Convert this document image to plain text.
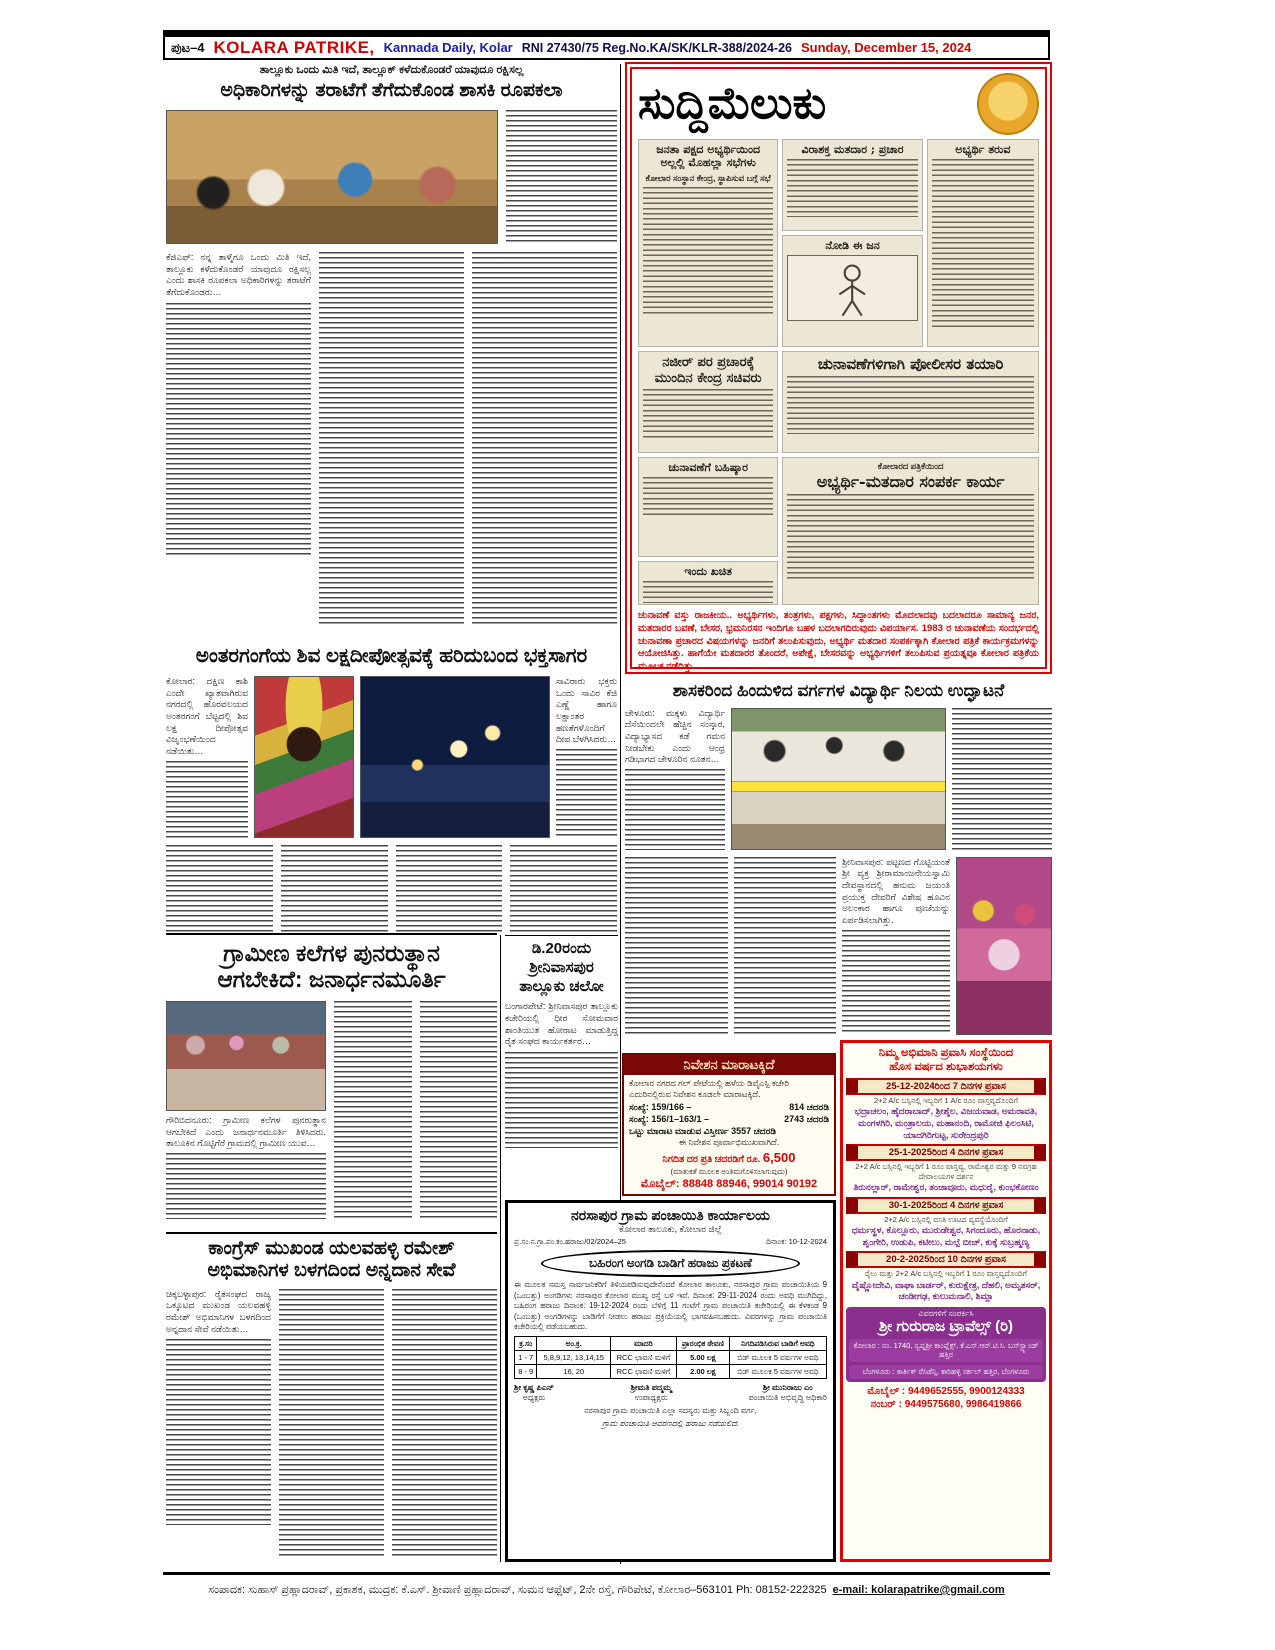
ಪುಟ–4 KOLARA PATRIKE, Kannada Daily, Kolar RNI 27430/75 Reg.No.KA/SK/KLR-388/2024-26 Sunday, December 15, 2024
ತಾಲ್ಲೂಕು ಒಂದು ಮಿತಿ ಇದೆ, ತಾಲ್ಲೂಕ್ ಕಳೆದುಕೊಂಡರೆ ಯಾವುದೂ ರಕ್ಷಿಸಲ್ಲ
ಅಧಿಕಾರಿಗಳನ್ನು ತರಾಟೆಗೆ ತೆಗೆದುಕೊಂಡ ಶಾಸಕಿ ರೂಪಕಲಾ
ಕೆಜಿಎಫ್: ನನ್ನ ತಾಳ್ಮೆಗೂ ಒಂದು ಮಿತಿ ಇದೆ, ತಾಲ್ಲೂಕು ಕಳೆದುಕೊಂಡರೆ ಯಾವುದೂ ರಕ್ಷಿಸಲ್ಲ ಎಂದು ಶಾಸಕಿ ರೂಪಕಲಾ ಅಧಿಕಾರಿಗಳನ್ನು ತರಾಟೆಗೆ ತೆಗೆದುಕೊಂಡರು…
ಸುದ್ದಿಮೆಲುಕು
ಜನತಾ ಪಕ್ಷದ ಅಭ್ಯರ್ಥಿಯಿಂದ ಅಲ್ಲಲ್ಲಿ ಮೊಹಲ್ಲಾ ಸಭೆಗಳು
ಕೋಲಾರ ಸಂಸ್ಥಾನ ಕೇಂದ್ರ, ಸ್ಥಾಪಿಸುವ ಬಗ್ಗೆ ಸಭೆ
ವಿರಾಶಕ್ತ ಮತದಾರ ; ಪ್ರಚಾರ	ಅಭ್ಯರ್ಥಿ ತರುವ
ನೋಡಿ ಈ ಜನ
ನಜೀರ್ ಪರ ಪ್ರಚಾರಕ್ಕೆ ಮುಂದಿನ ಕೇಂದ್ರ ಸಚಿವರು
ಚುನಾವಣೆಗಳಿಗಾಗಿ ಪೋಲೀಸರ ತಯಾರಿ
ಚುನಾವಣೆಗೆ ಬಹಿಷ್ಕಾರ
ಇಂದು ಖಚಿತ
ಕೋಲಾರದ ಪತ್ರಿಕೆಯಿಂದ
ಅಭ್ಯರ್ಥಿ-ಮತದಾರ ಸಂಪರ್ಕ ಕಾರ್ಯ
ಚುನಾವಣೆ ವಸ್ತು ರಾಜಕೀಯ.. ಅಭ್ಯರ್ಥಿಗಳು, ತಂತ್ರಗಳು, ಪಕ್ಷಗಳು, ಸಿದ್ಧಾಂತಗಳು ಮೊದಲಾದವು ಬದಲಾದರೂ ಸಾಮಾನ್ಯ ಜನರ, ಮತದಾರರ ಬವಣೆ, ಬೇಸರ, ಭ್ರಮನಿರಸನ ಇಂದಿಗೂ ಬಹಳ ಬದಲಾಗದಿರುವುದು ವಿಪರ್ಯಾಸ. 1983 ರ ಚುನಾವಣೆಯ ಸಂದರ್ಭದಲ್ಲಿ ಚುನಾವಣಾ ಪ್ರಚಾರದ ವಿಷಯಗಳನ್ನು ಜನರಿಗೆ ತಲುಪಿಸುವುದು, ಅಭ್ಯರ್ಥಿ ಮತದಾರ ಸಂಪರ್ಕಕ್ಕಾಗಿ ಕೋಲಾರ ಪತ್ರಿಕೆ ಕಾರ್ಯಕ್ರಮಗಳನ್ನು ಆಯೋಜಿಸಿತ್ತು. ಹಾಗೆಯೇ ಮತದಾರರ ತೊಂದರೆ, ಅಪೇಕ್ಷೆ, ಬೇಸರವನ್ನು ಅಭ್ಯರ್ಥಿಗಳಿಗೆ ತಲುಪಿಸುವ ಪ್ರಯತ್ನವೂ ಕೋಲಾರ ಪತ್ರಿಕೆಯ ಮೂಲಕ ನಡೆದಿತ್ತು
ಅಂತರಗಂಗೆಯ ಶಿವ ಲಕ್ಷದೀಪೋತ್ಸವಕ್ಕೆ ಹರಿದುಬಂದ ಭಕ್ತಸಾಗರ
ಕೋಲಾರ: ದಕ್ಷಿಣ ಕಾಶಿ ಎಂದೇ ಖ್ಯಾತವಾಗಿರುವ ನಗರದಲ್ಲಿ ಹೊರವಲಯದ ಅಂತರಗಂಗೆ ಬೆಟ್ಟದಲ್ಲಿ ಶಿವ ಲಕ್ಷ ದೀಪೋತ್ಸವ ವಿಜೃಂಭಣೆಯಿಂದ ನಡೆಯಿತು…
ಸಾವಿರಾರು ಭಕ್ತರು ಒಂದು ಸಾವಿರ ಕೆಜಿ ಎಣ್ಣೆ ಹಾಗೂ ಲಕ್ಷಾಂತರ ಹಣತೆಗಳೊಂದಿಗೆ ದೀಪ ಬೆಳಗಿಸಿದರು…
ಶಾಸಕರಿಂದ ಹಿಂದುಳಿದ ವರ್ಗಗಳ ವಿದ್ಯಾರ್ಥಿ ನಿಲಯ ಉದ್ಘಾಟನೆ
ಚೇಳೂರು: ಮಕ್ಕಳು ವಿದ್ಯಾರ್ಥಿ ದೆಸೆಯಿಂದಲೇ ಹೆಚ್ಚಿನ ಸಂಸ್ಕಾರ, ವಿದ್ಯಾಭ್ಯಾಸದ ಕಡೆ ಗಮನ ನೀಡಬೇಕು ಎಂದು ಆಂಧ್ರ ಗಡಿಭಾಗದ ಚೇಳೂರಿನ ನೂತನ…
ಶ್ರೀನಿವಾಸಪುರ: ಪಟ್ಟಣದ ಗೊಟ್ಟಿಯಂತೆ ಶ್ರೀ ವ್ಯಕ್ತ ಶ್ರೀರಾಮಾಂಜನೇಯಸ್ವಾಮಿ ದೇವಸ್ಥಾನದಲ್ಲಿ ಹನುಮ ಜಯಂತಿ ಪ್ರಯುಕ್ತ ದೇವರಿಗೆ ವಿಶೇಷ ಹೂವಿನ ಅಲಂಕಾರ ಹಾಗೂ ಪೂಜೆಯನ್ನು ಏರ್ಪಡಿಸಲಾಗಿತ್ತು.
ಗ್ರಾಮೀಣ ಕಲೆಗಳ ಪುನರುತ್ಥಾನ
ಆಗಬೇಕಿದೆ: ಜನಾರ್ಧನಮೂರ್ತಿ
ಗೌರಿಬಿದನೂರು: ಗ್ರಾಮೀಣ ಕಲೆಗಳ ಪುನರುತ್ಥಾನ ಆಗಬೇಕಿದೆ ಎಂದು ಜನಾರ್ಧನಮೂರ್ತಿ ತಿಳಿಸಿದರು. ತಾಲೂಕಿನ ಗೊಟ್ಟಿಗೆರೆ ಗ್ರಾಮದಲ್ಲಿ ಗ್ರಾಮೀಣ ಯುವ…
ಕಾಂಗ್ರೆಸ್ ಮುಖಂಡ ಯಲವಹಳ್ಳಿ ರಮೇಶ್
ಅಭಿಮಾನಿಗಳ ಬಳಗದಿಂದ ಅನ್ನದಾನ ಸೇವೆ
ಚಿಕ್ಕಬಳ್ಳಾಪುರ: ರೈತಸಂಘದ ರಾಜ್ಯ ಒಕ್ಕೂಟದ ಮುಖಂಡ ಯಲವಹಳ್ಳಿ ರಮೇಶ್ ಅಭಿಮಾನಿಗಳ ಬಳಗದಿಂದ ಅನ್ನದಾನ ಸೇವೆ ನಡೆಯಿತು…
ಡಿ.20ರಂದು ಶ್ರೀನಿವಾಸಪುರ ತಾಲ್ಲೂಕು ಚಲೋ
ಬಂಗಾರಪೇಟೆ: ಶ್ರೀನಿವಾಸಪುರ ತಾಲ್ಲೂಕು ಕಚೇರಿಯಲ್ಲಿ ಧೀರ ಸೋಮವಾರ ಶಾಂತಿಯುತ ಹೋರಾಟ ಮಾಡುತ್ತಿದ್ದ ರೈತ ಸಂಘದ ಕಾರ್ಯಕರ್ತರ…
ನಿವೇಶನ ಮಾರಾಟಕ್ಕಿದೆ
ಕೋಲಾರ ನಗರದ ಗಲ್ ಪೇಟೆಯಲ್ಲಿ ಹಳೆಯ ಡಿವೈಎಸ್ಪಿ ಕಚೇರಿ ಎದುರಿನಲ್ಲಿರುವ ನಿವೇಶನ ಕೂಡಲೇ ಮಾರಾಟಕ್ಕಿದೆ.
ಸಂಖ್ಯೆ: 159/166 –	814 ಚದರಡಿ
ಸಂಖ್ಯೆ: 156/1–163/1 –	2743 ಚದರಡಿ
ಒಟ್ಟು ಮಾರಾಟ ಮಾಡುವ ವಿಸ್ತೀರ್ಣ 3557 ಚದರಡಿ
ಈ ನಿವೇಶನ ಪೂರ್ವಾಭಿಮುಖವಾಗಿದೆ.
ನಿಗದಿತ ದರ ಪ್ರತಿ ಚದರಡಿಗೆ ರೂ. 6,500
(ಮಾತುಕತೆ ಮೂಲಕ ಅಂತಿಮಗೊಳಿಸಲಾಗುವುದು)
ಮೊಬೈಲ್: 88848 88946, 99014 90192
ನರಸಾಪುರ ಗ್ರಾಮ ಪಂಚಾಯಿತಿ ಕಾರ್ಯಾಲಯ
ಕೋಲಾರ ತಾಲೂಕು, ಕೋಲಾರ ಜಿಲ್ಲೆ
ಪ್ರ.ಸಂ.ನ.ಗ್ರಾ.ಪಂ.ಕಂ.ಹರಾಜು/02/2024–25	ದಿನಾಂಕ: 10-12-2024
ಬಹಿರಂಗ ಅಂಗಡಿ ಬಾಡಿಗೆ ಹರಾಜು ಪ್ರಕಟಣೆ
ಈ ಮೂಲಕ ಸಮಸ್ತ ಸಾರ್ವಜನಿಕರಿಗೆ ತಿಳಿಯಪಡಿಸುವುದೇನೆಂದರೆ ಕೋಲಾರ ತಾಲೂಕು, ನರಸಾಪುರ ಗ್ರಾಮ ಪಂಚಾಯಿತಿಯ 9 (ಒಂಬತ್ತು) ಅಂಗಡಿಗಳು ನರಸಾಪುರ ಕೋಲಾರ ಮುಖ್ಯ ರಸ್ತೆ ಬಳಿ ಇವೆ. ದಿನಾಂಕ: 29-11-2024 ರಂದು ಅವಧಿ ಮುಗಿದಿದ್ದು, ಬಹಿರಂಗ ಹರಾಜು ದಿನಾಂಕ: 19-12-2024 ರಂದು ಬೆಳಿಗ್ಗೆ 11 ಗಂಟೆಗೆ ಗ್ರಾಮ ಪಂಚಾಯಿತಿ ಕಚೇರಿಯಲ್ಲಿ ಈ ಕೆಳಕಂಡ 9 (ಒಂಬತ್ತು) ಅಂಗಡಿಗಳನ್ನು ಬಾಡಿಗೆಗೆ ನೀಡಲು ಹರಾಜು ಪ್ರಕ್ರಿಯೆಯಲ್ಲಿ ಭಾಗವಹಿಸಬಹುದು. ವಿವರಗಳನ್ನು ಗ್ರಾಮ ಪಂಚಾಯಿತಿ ಕಚೇರಿಯಲ್ಲಿ ಪಡೆಯಬಹುದು.
ಕ್ರ.ಸಂ	ಅಂ.ಕ್ರ.	ಮಾದರಿ	ಪ್ರಾರಂಭಿಕ ಠೇವಣಿ	ನಿಗದಿಪಡಿಸಿರುವ ಬಾಡಿಗೆ ಅವಧಿ
1 - 7	5,8,9,12, 13,14,15	RCC ಛಾವಣಿ ಮಳಿಗೆ	5.00 ಲಕ್ಷ	ಬಿಡ್ ಮೂಲಕ 5 ವರ್ಷಗಳ ಅವಧಿ
8 - 9	16, 20	RCC ಛಾವಣಿ ಮಳಿಗೆ	2.00 ಲಕ್ಷ	ಬಿಡ್ ಮೂಲಕ 5 ವರ್ಷಗಳ ಅವಧಿ
ಶ್ರೀ ಕೃಷ್ಣ ಪಿಎನ್
ಅಧ್ಯಕ್ಷರು
ಶ್ರೀಮತಿ ಪದ್ಮಮ್ಮ
ಉಪಾಧ್ಯಕ್ಷರು
ಶ್ರೀ ಮುನಿರಾಜು ಎಂ
ಪಂಚಾಯಿತಿ ಅಭಿವೃದ್ಧಿ ಅಧಿಕಾರಿ
ನರಸಾಪುರ ಗ್ರಾಮ ಪಂಚಾಯಿತಿ ಎಲ್ಲಾ ಸದಸ್ಯರು ಮತ್ತು ಸಿಬ್ಬಂದಿ ವರ್ಗ,
ಗ್ರಾಮ ಪಂಚಾಯಿತಿ ಆವರಣದಲ್ಲಿ ಹರಾಜು ನಡೆಯಲಿದೆ.
ನಿಮ್ಮ ಅಭಿಮಾನಿ ಪ್ರವಾಸಿ ಸಂಸ್ಥೆಯಿಂದ
ಹೊಸ ವರ್ಷದ ಶುಭಾಶಯಗಳು
25-12-2024ರಿಂದ 7 ದಿನಗಳ ಪ್ರವಾಸ
2+2 A/c ಬಸ್ಸಿನಲ್ಲಿ ಇಬ್ಬರಿಗೆ 1 A/c ರೂಂ ವಾಸ್ತವ್ಯದೊಂದಿಗೆ
ಭದ್ರಾಚಲಂ, ಹೈದರಾಬಾದ್, ಶ್ರೀಶೈಲ, ವಿಜಯವಾಡ, ಅಮರಾವತಿ, ಮಂಗಳಗಿರಿ, ಮಂತ್ರಾಲಯ, ಮಹಾನಂದಿ, ರಾಮೋಜಿ ಫಿಲಂಸಿಟಿ, ಯಾದಗಿರಿಗುಟ್ಟ, ಸುರೇಂದ್ರಪುರಿ
25-1-2025ರಿಂದ 4 ದಿನಗಳ ಪ್ರವಾಸ
2+2 A/c ಬಸ್ಸಿನಲ್ಲಿ ಇಬ್ಬರಿಗೆ 1 ರೂಂ ವಾಸ್ತವ್ಯ, ರಾಮೇಶ್ವರ ಮತ್ತು 9 ನವಗ್ರಹ ದೇವಾಲಯಗಳ ದರ್ಶನ
ತಿರುನಲ್ಲಾರ್, ರಾಮೇಶ್ವರ, ತಂಜಾವೂರು, ಮಧುರೈ, ಕುಂಭಕೋಣಂ
30-1-2025ರಿಂದ 4 ದಿನಗಳ ಪ್ರವಾಸ
2+2 A/c ಬಸ್ಸಿನಲ್ಲಿ ವಸತಿ ಊಟದ ವ್ಯವಸ್ಥೆಯೊಂದಿಗೆ
ಧರ್ಮಸ್ಥಳ, ಕೊಲ್ಲೂರು, ಮುರುಡೇಶ್ವರ, ಸಿಗಂದೂರು, ಹೊರನಾಡು, ಶೃಂಗೇರಿ, ಉಡುಪಿ, ಕಟೀಲು, ಮಲ್ಪೆ ಬೀಚ್, ಕುಕ್ಕೆ ಸುಬ್ರಹ್ಮಣ್ಯ
20-2-2025ರಿಂದ 10 ದಿನಗಳ ಪ್ರವಾಸ
ರೈಲು ಮತ್ತು 2+2 A/c ಬಸ್ಸಿನಲ್ಲಿ ಇಬ್ಬರಿಗೆ 1 ರೂಂ ವಾಸ್ತವ್ಯದೊಂದಿಗೆ
ವೈಷ್ಣೋದೇವಿ, ವಾಘಾ ಬಾರ್ಡರ್, ಕುರುಕ್ಷೇತ್ರ, ದೆಹಲಿ, ಅಮೃತಸರ್, ಚಂಡೀಗಢ, ಕುಲುಮನಾಲಿ, ಶಿಮ್ಲಾ
ವಿವರಗಳಿಗೆ ಸಂಪರ್ಕಿಸಿ
ಶ್ರೀ ಗುರುರಾಜ ಟ್ರಾವೆಲ್ಸ್ (ರಿ)
ಕೋಲಾರ : ನಂ. 1740, ಸ್ವಪ್ನಶ್ರೀ ಕಾಂಪ್ಲೆಕ್ಸ್, ಕೆ.ಎಸ್.ಆರ್.ಟಿ.ಸಿ. ಬಸ್‌ಸ್ಟ್ಯಾಂಡ್ ಹತ್ತಿರ
ಬೆಂಗಳೂರು : ಕಾರ್ತಿಕ್ ರೆಸಿಡೆನ್ಸಿ, ಕಾರಿಹಳ್ಳಿ ಸರ್ಕಲ್ ಹತ್ತಿರ, ಬೆಂಗಳೂರು
ಮೊಬೈಲ್ : 9449652555, 9900124333
ನಂಬರ್ : 9449575680, 9986419866
ಸಂಪಾದಕ: ಸುಹಾಸ್ ಪ್ರಹ್ಲಾದರಾವ್, ಪ್ರಕಾಶಕ, ಮುದ್ರಕ: ಕೆ.ಎಸ್. ಶ್ರೀವಾಣಿ ಪ್ರಹ್ಲಾದರಾವ್, ಸುಮನ ಆಫ್ಸೆಟ್, 2ನೇ ರಸ್ತೆ, ಗೌರಿಪೇಟೆ, ಕೋಲಾರ–563101 Ph: 08152-222325 e-mail: kolarapatrike@gmail.com
